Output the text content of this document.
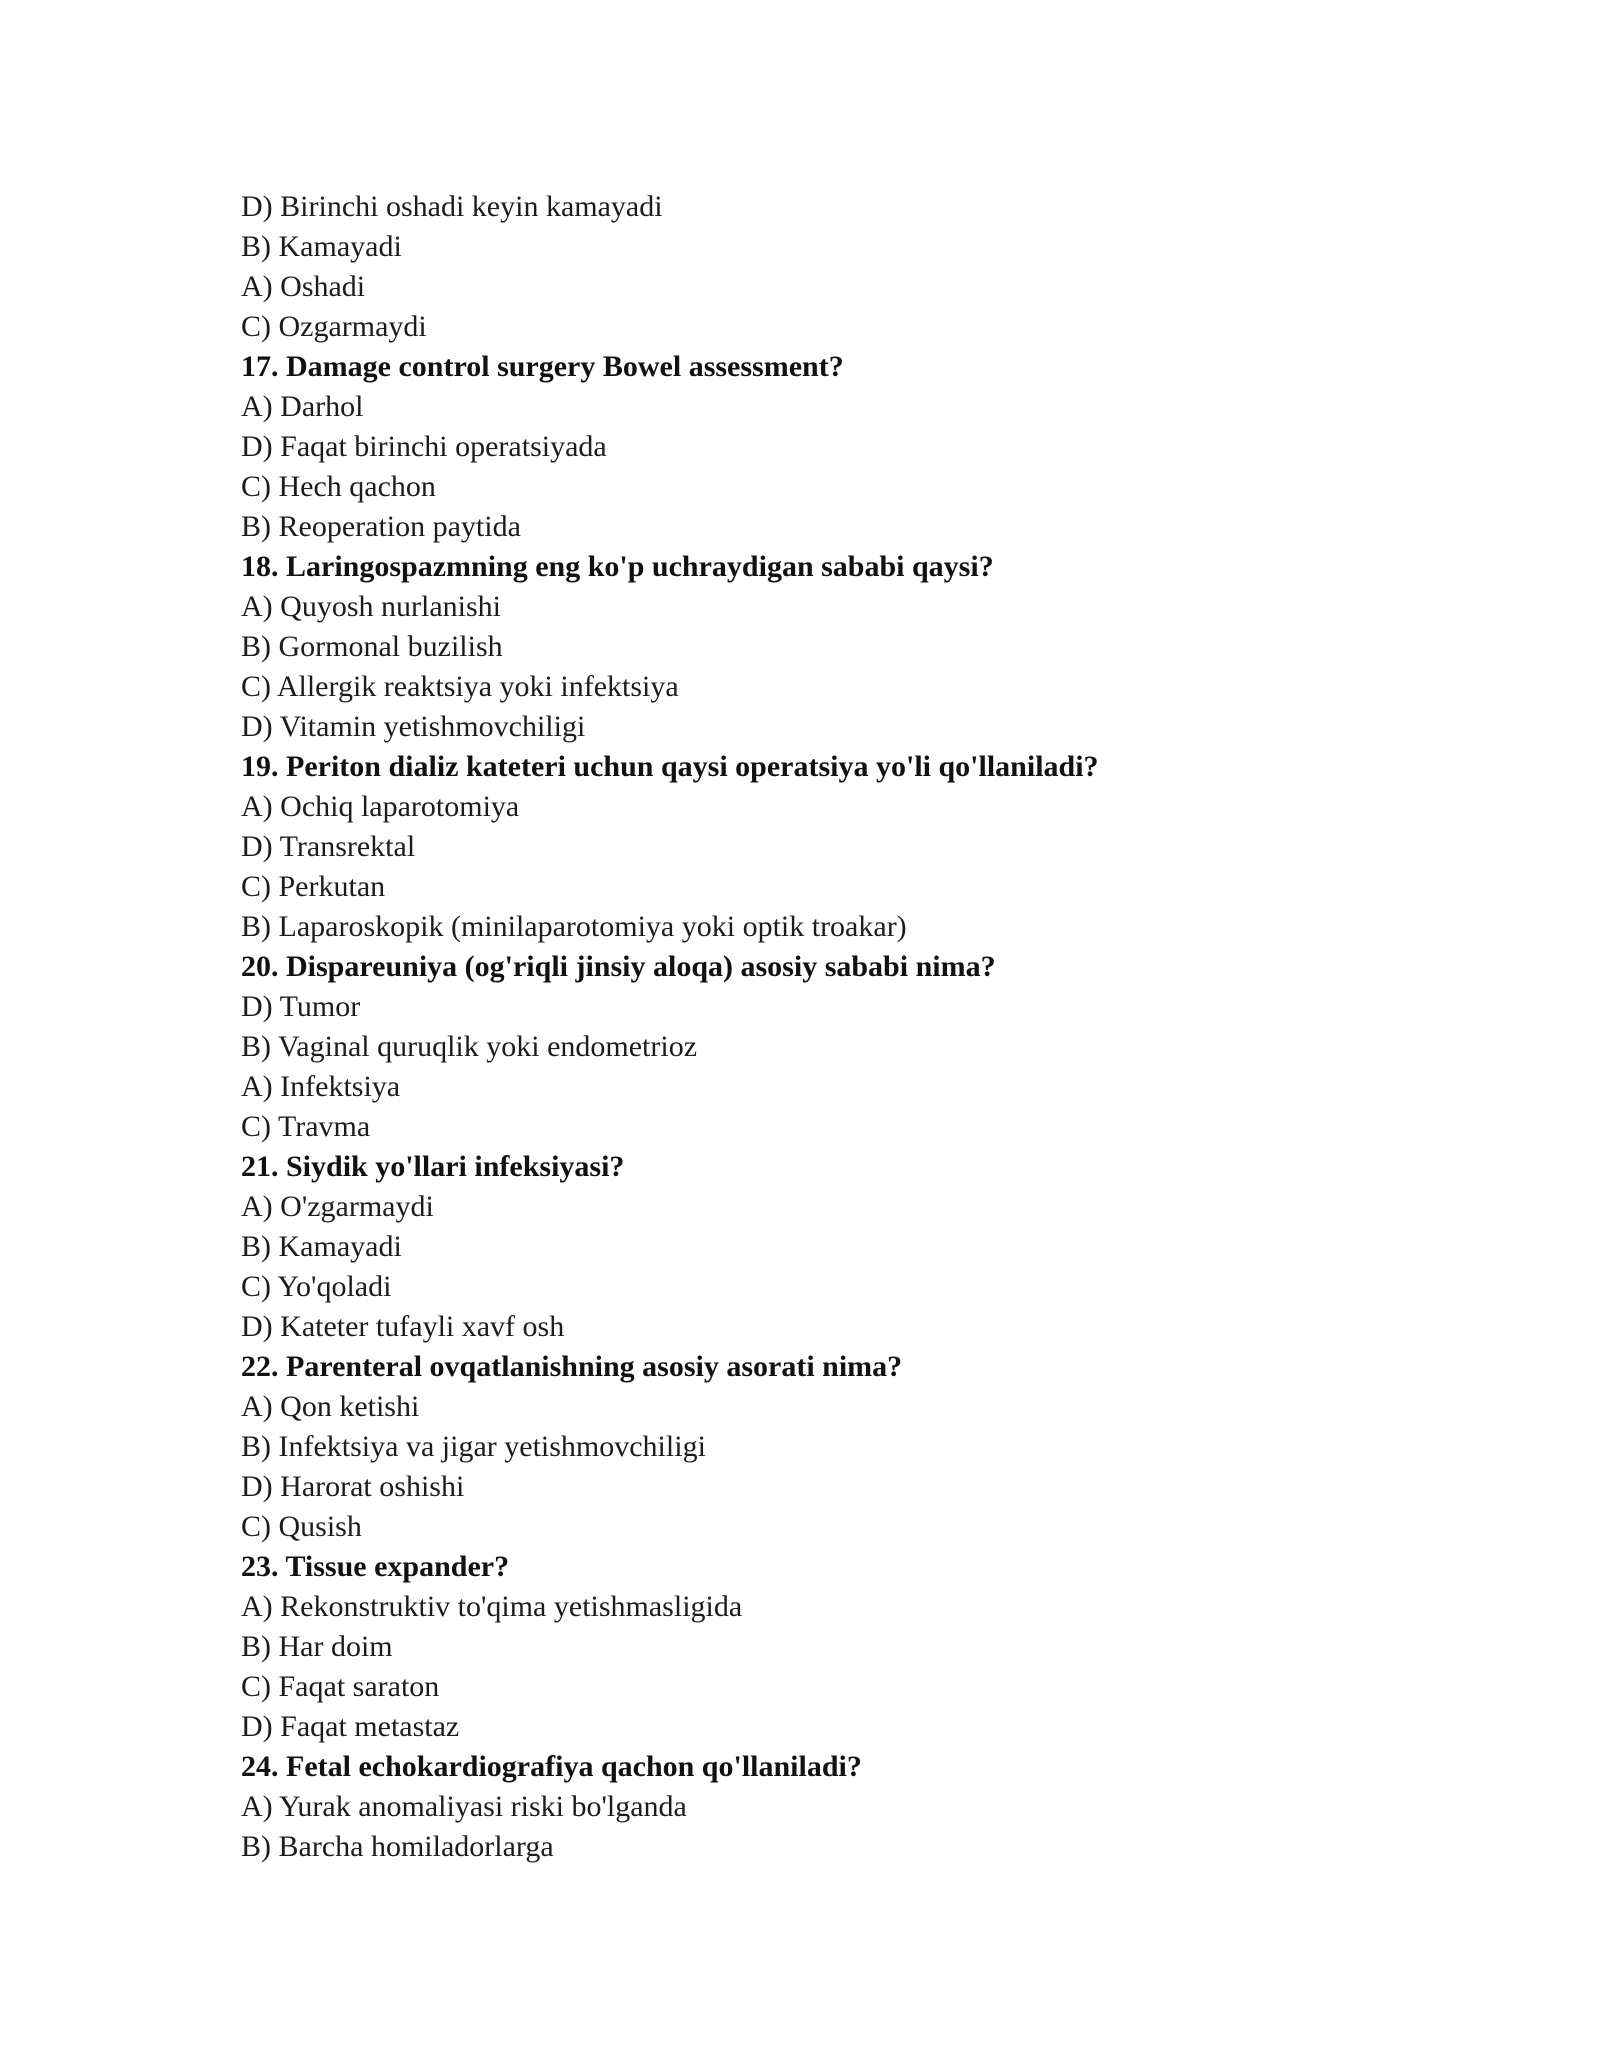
D) Birinchi oshadi keyin kamayadi
B) Kamayadi
A) Oshadi
C) Ozgarmaydi
17. Damage control surgery Bowel assessment?
A) Darhol
D) Faqat birinchi operatsiyada
C) Hech qachon
B) Reoperation paytida
18. Laringospazmning eng ko'p uchraydigan sababi qaysi?
A) Quyosh nurlanishi
B) Gormonal buzilish
C) Allergik reaktsiya yoki infektsiya
D) Vitamin yetishmovchiligi
19. Periton dializ kateteri uchun qaysi operatsiya yo'li qo'llaniladi?
A) Ochiq laparotomiya
D) Transrektal
C) Perkutan
B) Laparoskopik (minilaparotomiya yoki optik troakar)
20. Dispareuniya (og'riqli jinsiy aloqa) asosiy sababi nima?
D) Tumor
B) Vaginal quruqlik yoki endometrioz
A) Infektsiya
C) Travma
21. Siydik yo'llari infeksiyasi?
A) O'zgarmaydi
B) Kamayadi
C) Yo'qoladi
D) Kateter tufayli xavf osh
22. Parenteral ovqatlanishning asosiy asorati nima?
A) Qon ketishi
B) Infektsiya va jigar yetishmovchiligi
D) Harorat oshishi
C) Qusish
23. Tissue expander?
A) Rekonstruktiv to'qima yetishmasligida
B) Har doim
C) Faqat saraton
D) Faqat metastaz
24. Fetal echokardiografiya qachon qo'llaniladi?
A) Yurak anomaliyasi riski bo'lganda
B) Barcha homiladorlarga
